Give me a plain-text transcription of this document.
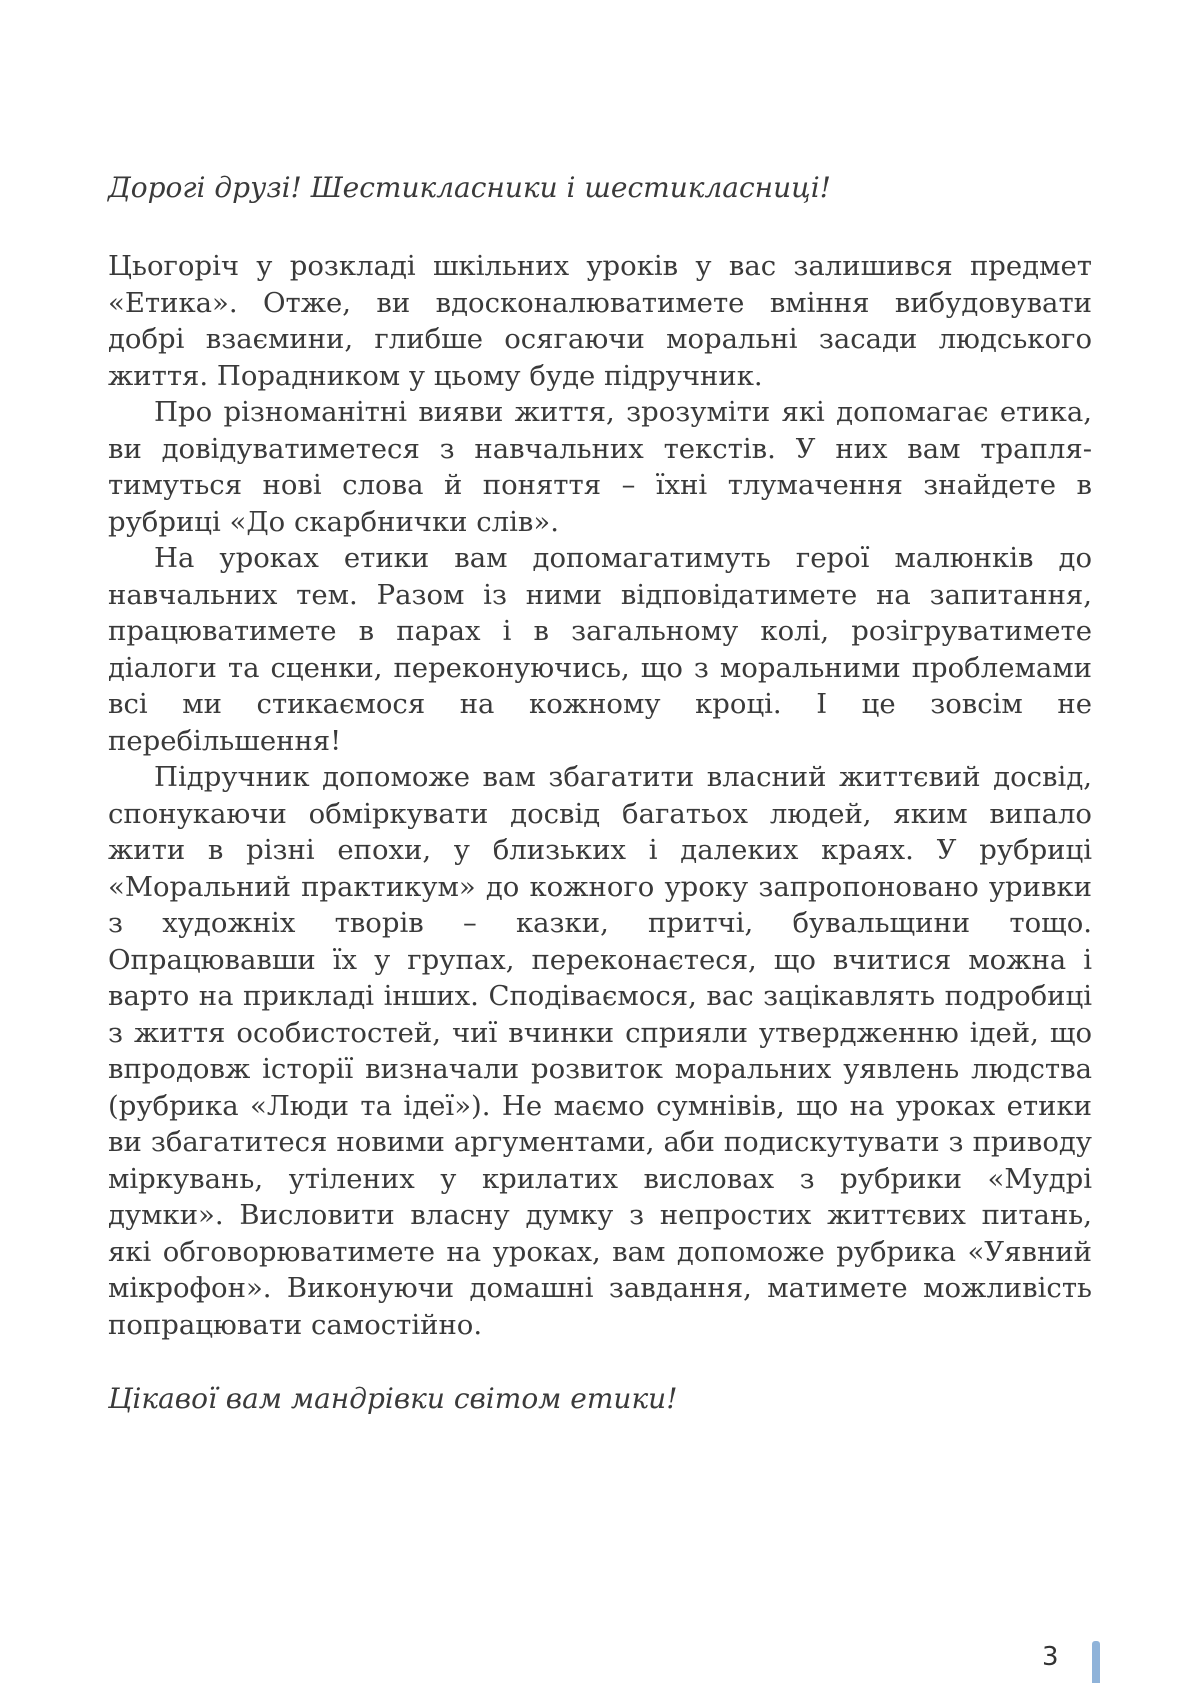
Дорогі друзі! Шестикласники і шестикласниці!

Цьогоріч у розкладі шкільних уроків у вас залишився предмет «Етика». Отже, ви вдосконалюватимете вміння вибудовувати добрі взаємини, глибше осягаючи моральні засади людського життя. Порадником у цьому буде підручник.

Про різноманітні вияви життя, зрозуміти які допомагає етика, ви довідуватиметеся з навчальних текстів. У них вам траплятимуться нові слова й поняття – їхні тлумачення знайдете в рубриці «До скарбнички слів».

На уроках етики вам допомагатимуть герої малюнків до навчальних тем. Разом із ними відповідатимете на запитання, працюватимете в парах і в загальному колі, розігруватимете діалоги та сценки, переконуючись, що з моральними проблемами всі ми стикаємося на кожному кроці. І це зовсім не перебільшення!

Підручник допоможе вам збагатити власний життєвий досвід, спонукаючи обміркувати досвід багатьох людей, яким випало жити в різні епохи, у близьких і далеких краях. У рубриці «Моральний практикум» до кожного уроку запропоновано уривки з художніх творів – казки, притчі, бувальщини тощо. Опрацювавши їх у групах, переконаєтеся, що вчитися можна і варто на прикладі інших. Сподіваємося, вас зацікавлять подробиці з життя особистостей, чиї вчинки сприяли утвердженню ідей, що впродовж історії визначали розвиток моральних уявлень людства (рубрика «Люди та ідеї»). Не маємо сумнівів, що на уроках етики ви збагатитеся новими аргументами, аби подискутувати з приводу міркувань, утілених у крилатих висловах з рубрики «Мудрі думки». Висловити власну думку з непростих життєвих питань, які обговорюватимете на уроках, вам допоможе рубрика «Уявний мікрофон». Виконуючи домашні завдання, матимете можливість попрацювати самостійно.

Цікавої вам мандрівки світом етики!
3
